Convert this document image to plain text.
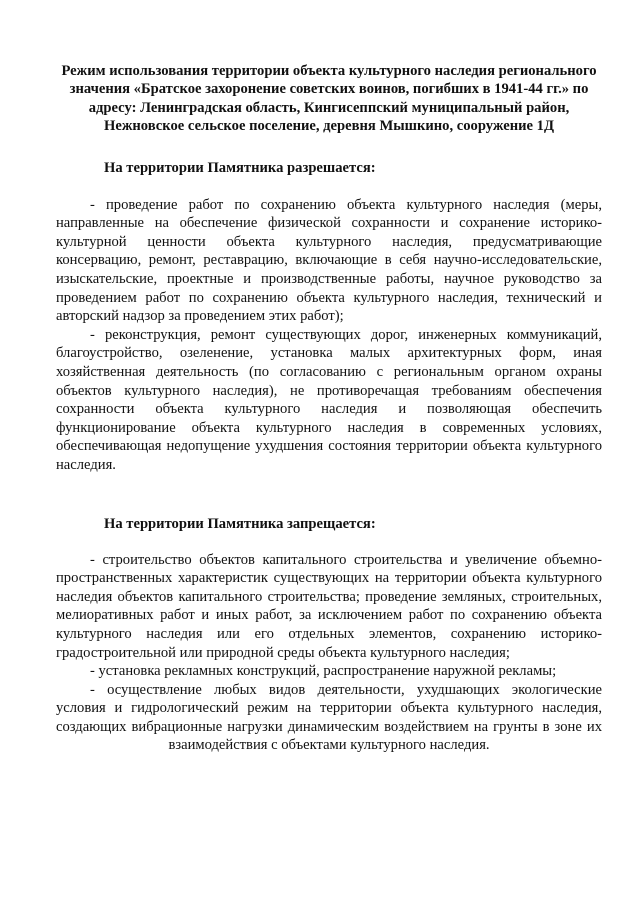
Режим использования территории объекта культурного наследия регионального значения «Братское захоронение советских воинов, погибших в 1941-44 гг.» по адресу: Ленинградская область, Кингисеппский муниципальный район, Нежновское сельское поселение, деревня Мышкино, сооружение 1Д

На территории Памятника разрешается:

- проведение работ по сохранению объекта культурного наследия (меры, направленные на обеспечение физической сохранности и сохранение историко-культурной ценности объекта культурного наследия, предусматривающие консервацию, ремонт, реставрацию, включающие в себя научно-исследовательские, изыскательские, проектные и производственные работы, научное руководство за проведением работ по сохранению объекта культурного наследия, технический и авторский надзор за проведением этих работ);

- реконструкция, ремонт существующих дорог, инженерных коммуникаций, благоустройство, озеленение, установка малых архитектурных форм, иная хозяйственная деятельность (по согласованию с региональным органом охраны объектов культурного наследия), не противоречащая требованиям обеспечения сохранности объекта культурного наследия и позволяющая обеспечить функционирование объекта культурного наследия в современных условиях, обеспечивающая недопущение ухудшения состояния территории объекта культурного наследия.

На территории Памятника запрещается:

- строительство объектов капитального строительства и увеличение объемно-пространственных характеристик существующих на территории объекта культурного наследия объектов капитального строительства; проведение земляных, строительных, мелиоративных работ и иных работ, за исключением работ по сохранению объекта культурного наследия или его отдельных элементов, сохранению историко-градостроительной или природной среды объекта культурного наследия;

- установка рекламных конструкций, распространение наружной рекламы;

- осуществление любых видов деятельности, ухудшающих экологические условия и гидрологический режим на территории объекта культурного наследия, создающих вибрационные нагрузки динамическим воздействием на грунты в зоне их взаимодействия с объектами культурного наследия.
